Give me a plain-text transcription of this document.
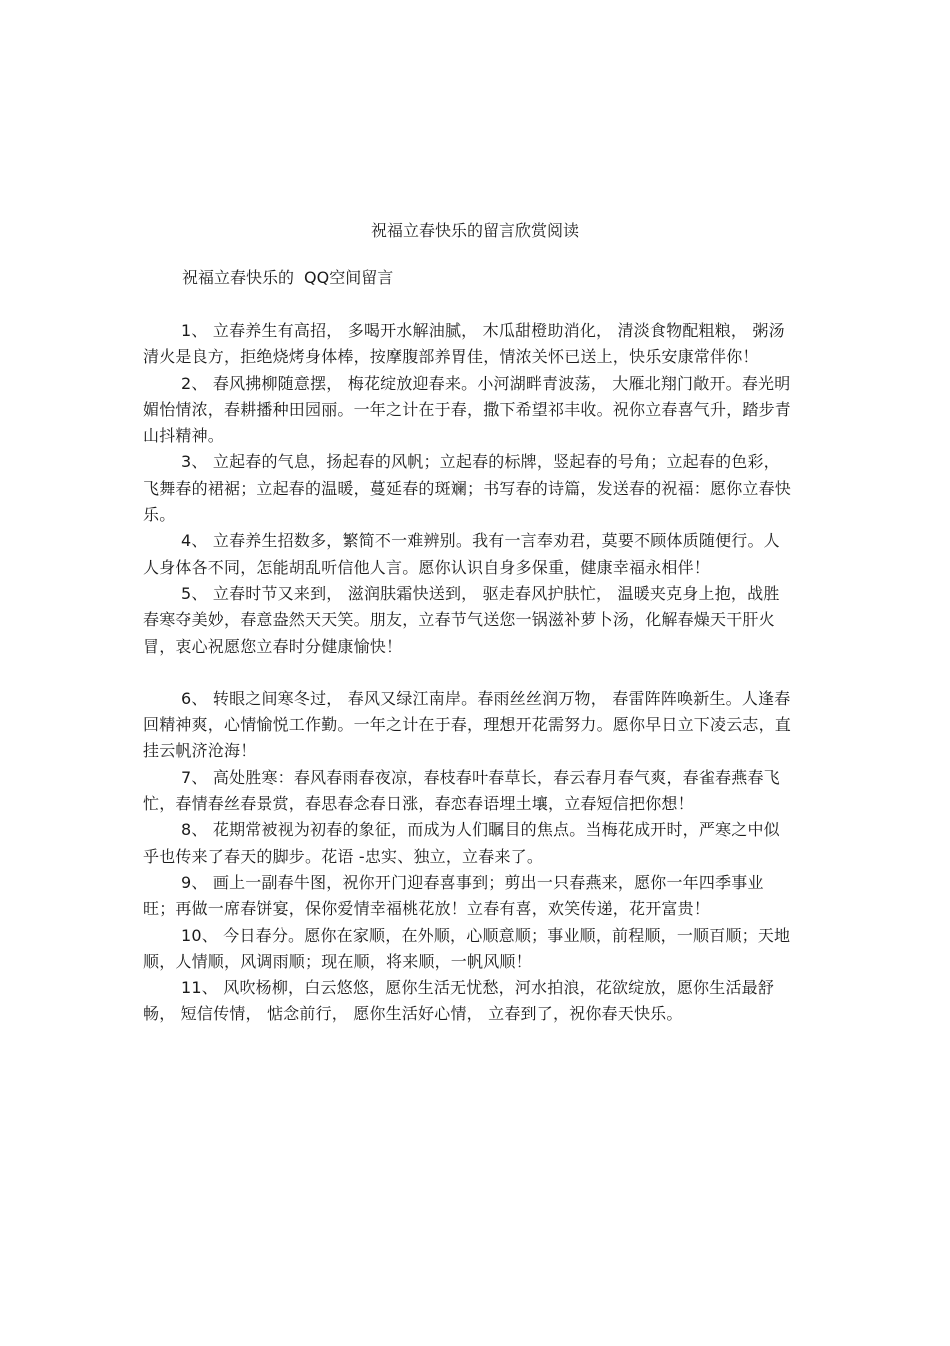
祝福立春快乐的留言欣赏阅读
祝福立春快乐的 QQ空间留言

1、 立春养生有高招， 多喝开水解油腻， 木瓜甜橙助消化， 清淡食物配粗粮， 粥汤清火是良方，拒绝烧烤身体棒，按摩腹部养胃佳，情浓关怀已送上，快乐安康常伴你！

2、 春风拂柳随意摆， 梅花绽放迎春来。小河湖畔青波荡， 大雁北翔门敞开。春光明媚怡情浓，春耕播种田园丽。一年之计在于春，撒下希望祁丰收。祝你立春喜气升，踏步青山抖精神。

3、 立起春的气息，扬起春的风帆；立起春的标牌，竖起春的号角；立起春的色彩，飞舞春的裙裾；立起春的温暖，蔓延春的斑斓；书写春的诗篇，发送春的祝福：愿你立春快乐。

4、 立春养生招数多，繁简不一难辨别。我有一言奉劝君，莫要不顾体质随便行。人人身体各不同，怎能胡乱听信他人言。愿你认识自身多保重，健康幸福永相伴！

5、 立春时节又来到， 滋润肤霜快送到， 驱走春风护肤忙， 温暖夹克身上抱，战胜春寒夺美妙，春意盎然天天笑。朋友，立春节气送您一锅滋补萝卜汤，化解春燥天干肝火冒，衷心祝愿您立春时分健康愉快！

6、 转眼之间寒冬过， 春风又绿江南岸。春雨丝丝润万物， 春雷阵阵唤新生。人逢春回精神爽，心情愉悦工作勤。一年之计在于春，理想开花需努力。愿你早日立下凌云志，直挂云帆济沧海！

7、 高处胜寒：春风春雨春夜凉，春枝春叶春草长，春云春月春气爽，春雀春燕春飞忙，春情春丝春景赏，春思春念春日涨，春恋春语埋土壤，立春短信把你想！

8、 花期常被视为初春的象征，而成为人们瞩目的焦点。当梅花成开时，严寒之中似乎也传来了春天的脚步。花语 -忠实、独立，立春来了。

9、 画上一副春牛图，祝你开门迎春喜事到；剪出一只春燕来，愿你一年四季事业旺；再做一席春饼宴，保你爱情幸福桃花放！立春有喜，欢笑传递，花开富贵！

10、 今日春分。愿你在家顺，在外顺，心顺意顺；事业顺，前程顺，一顺百顺；天地顺，人情顺，风调雨顺；现在顺，将来顺，一帆风顺！

11、 风吹杨柳，白云悠悠，愿你生活无忧愁，河水拍浪，花欲绽放，愿你生活最舒畅， 短信传情， 惦念前行， 愿你生活好心情， 立春到了，祝你春天快乐。
